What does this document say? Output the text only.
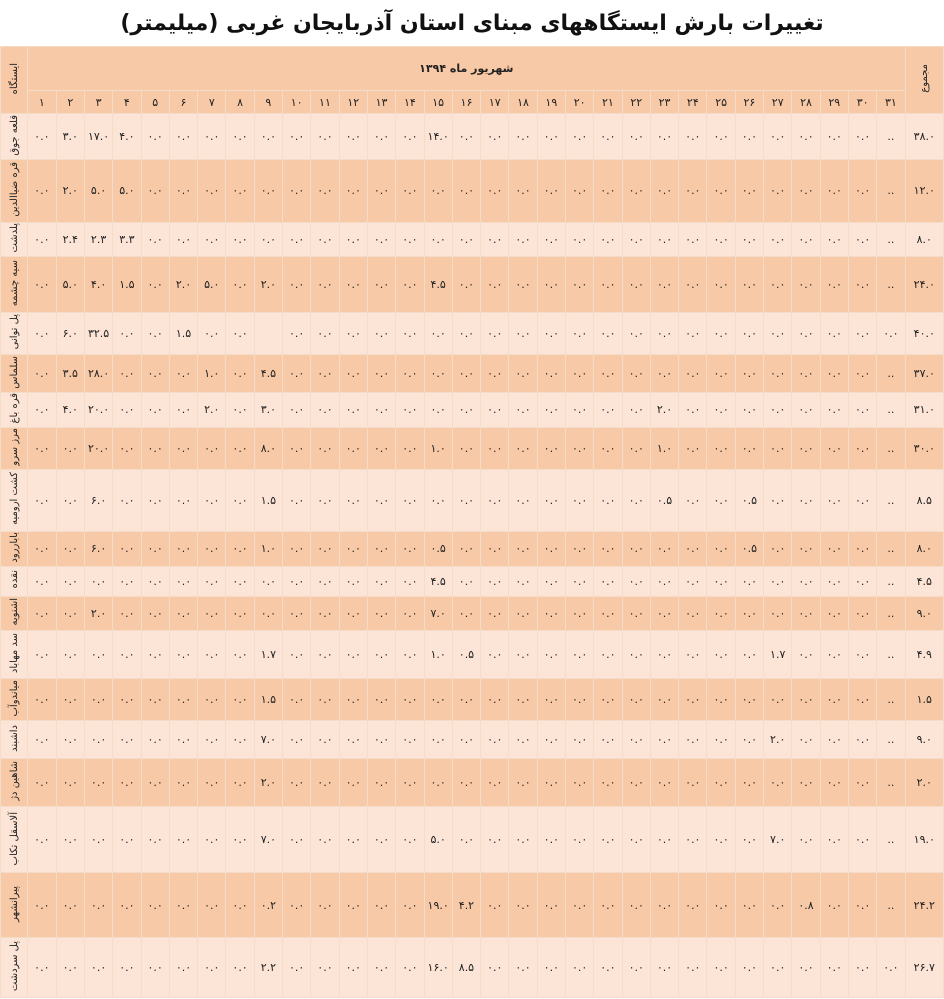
تغییرات بارش ایستگاههای مبنای استان آذربایجان غربی (میلیمتر)
مجموع	شهریور ماه ۱۳۹۴																															ایستگاه
	۳۱	۳۰	۲۹	۲۸	۲۷	۲۶	۲۵	۲۴	۲۳	۲۲	۲۱	۲۰	۱۹	۱۸	۱۷	۱۶	۱۵	۱۴	۱۳	۱۲	۱۱	۱۰	۹	۸	۷	۶	۵	۴	۳	۲	۱	
۳۸.۰	..	۰.۰	۰.۰	۰.۰	۰.۰	۰.۰	۰.۰	۰.۰	۰.۰	۰.۰	۰.۰	۰.۰	۰.۰	۰.۰	۰.۰	۰.۰	۱۴.۰	۰.۰	۰.۰	۰.۰	۰.۰	۰.۰	۰.۰	۰.۰	۰.۰	۰.۰	۰.۰	۴.۰	۱۷.۰	۳.۰	۰.۰	قلعه جوق
۱۲.۰	..	۰.۰	۰.۰	۰.۰	۰.۰	۰.۰	۰.۰	۰.۰	۰.۰	۰.۰	۰.۰	۰.۰	۰.۰	۰.۰	۰.۰	۰.۰	۰.۰	۰.۰	۰.۰	۰.۰	۰.۰	۰.۰	۰.۰	۰.۰	۰.۰	۰.۰	۰.۰	۵.۰	۵.۰	۲.۰	۰.۰	قره ضیاالدین
۸.۰	..	۰.۰	۰.۰	۰.۰	۰.۰	۰.۰	۰.۰	۰.۰	۰.۰	۰.۰	۰.۰	۰.۰	۰.۰	۰.۰	۰.۰	۰.۰	۰.۰	۰.۰	۰.۰	۰.۰	۰.۰	۰.۰	۰.۰	۰.۰	۰.۰	۰.۰	۰.۰	۳.۳	۲.۳	۲.۴	۰.۰	پلدشت
۲۴.۰	..	۰.۰	۰.۰	۰.۰	۰.۰	۰.۰	۰.۰	۰.۰	۰.۰	۰.۰	۰.۰	۰.۰	۰.۰	۰.۰	۰.۰	۰.۰	۴.۵	۰.۰	۰.۰	۰.۰	۰.۰	۰.۰	۲.۰	۰.۰	۵.۰	۲.۰	۰.۰	۱.۵	۴.۰	۵.۰	۰.۰	سیه چشمه
۴۰.۰	۰.۰	۰.۰	۰.۰	۰.۰	۰.۰	۰.۰	۰.۰	۰.۰	۰.۰	۰.۰	۰.۰	۰.۰	۰.۰	۰.۰	۰.۰	۰.۰	۰.۰	۰.۰	۰.۰	۰.۰	۰.۰	۰.۰		۰.۰	۰.۰	۱.۵	۰.۰	۰.۰	۳۲.۵	۶.۰	۰.۰	پل توانی
۳۷.۰	..	۰.۰	۰.۰	۰.۰	۰.۰	۰.۰	۰.۰	۰.۰	۰.۰	۰.۰	۰.۰	۰.۰	۰.۰	۰.۰	۰.۰	۰.۰	۰.۰	۰.۰	۰.۰	۰.۰	۰.۰	۰.۰	۴.۵	۰.۰	۱.۰	۰.۰	۰.۰	۰.۰	۲۸.۰	۳.۵	۰.۰	سلماس
۳۱.۰	..	۰.۰	۰.۰	۰.۰	۰.۰	۰.۰	۰.۰	۰.۰	۲.۰	۰.۰	۰.۰	۰.۰	۰.۰	۰.۰	۰.۰	۰.۰	۰.۰	۰.۰	۰.۰	۰.۰	۰.۰	۰.۰	۳.۰	۰.۰	۲.۰	۰.۰	۰.۰	۰.۰	۲۰.۰	۴.۰	۰.۰	قره باغ
۳۰.۰	..	۰.۰	۰.۰	۰.۰	۰.۰	۰.۰	۰.۰	۰.۰	۱.۰	۰.۰	۰.۰	۰.۰	۰.۰	۰.۰	۰.۰	۰.۰	۱.۰	۰.۰	۰.۰	۰.۰	۰.۰	۰.۰	۸.۰	۰.۰	۰.۰	۰.۰	۰.۰	۰.۰	۲۰.۰	۰.۰	۰.۰	مرز سرو
۸.۵	..	۰.۰	۰.۰	۰.۰	۰.۰	۰.۵	۰.۰	۰.۰	۰.۵	۰.۰	۰.۰	۰.۰	۰.۰	۰.۰	۰.۰	۰.۰	۰.۰	۰.۰	۰.۰	۰.۰	۰.۰	۰.۰	۱.۵	۰.۰	۰.۰	۰.۰	۰.۰	۰.۰	۶.۰	۰.۰	۰.۰	کشت ارومیه
۸.۰	..	۰.۰	۰.۰	۰.۰	۰.۰	۰.۵	۰.۰	۰.۰	۰.۰	۰.۰	۰.۰	۰.۰	۰.۰	۰.۰	۰.۰	۰.۰	۰.۵	۰.۰	۰.۰	۰.۰	۰.۰	۰.۰	۱.۰	۰.۰	۰.۰	۰.۰	۰.۰	۰.۰	۶.۰	۰.۰	۰.۰	باباررود
۴.۵	..	۰.۰	۰.۰	۰.۰	۰.۰	۰.۰	۰.۰	۰.۰	۰.۰	۰.۰	۰.۰	۰.۰	۰.۰	۰.۰	۰.۰	۰.۰	۴.۵	۰.۰	۰.۰	۰.۰	۰.۰	۰.۰	۰.۰	۰.۰	۰.۰	۰.۰	۰.۰	۰.۰	۰.۰	۰.۰	۰.۰	نقده
۹.۰	..	۰.۰	۰.۰	۰.۰	۰.۰	۰.۰	۰.۰	۰.۰	۰.۰	۰.۰	۰.۰	۰.۰	۰.۰	۰.۰	۰.۰	۰.۰	۷.۰	۰.۰	۰.۰	۰.۰	۰.۰	۰.۰	۰.۰	۰.۰	۰.۰	۰.۰	۰.۰	۰.۰	۲.۰	۰.۰	۰.۰	اشنویه
۴.۹	..	۰.۰	۰.۰	۰.۰	۱.۷	۰.۰	۰.۰	۰.۰	۰.۰	۰.۰	۰.۰	۰.۰	۰.۰	۰.۰	۰.۰	۰.۵	۱.۰	۰.۰	۰.۰	۰.۰	۰.۰	۰.۰	۱.۷	۰.۰	۰.۰	۰.۰	۰.۰	۰.۰	۰.۰	۰.۰	۰.۰	سد مهاباد
۱.۵	..	۰.۰	۰.۰	۰.۰	۰.۰	۰.۰	۰.۰	۰.۰	۰.۰	۰.۰	۰.۰	۰.۰	۰.۰	۰.۰	۰.۰	۰.۰	۰.۰	۰.۰	۰.۰	۰.۰	۰.۰	۰.۰	۱.۵	۰.۰	۰.۰	۰.۰	۰.۰	۰.۰	۰.۰	۰.۰	۰.۰	میاندوآب
۹.۰	..	۰.۰	۰.۰	۰.۰	۲.۰	۰.۰	۰.۰	۰.۰	۰.۰	۰.۰	۰.۰	۰.۰	۰.۰	۰.۰	۰.۰	۰.۰	۰.۰	۰.۰	۰.۰	۰.۰	۰.۰	۰.۰	۷.۰	۰.۰	۰.۰	۰.۰	۰.۰	۰.۰	۰.۰	۰.۰	۰.۰	داشبند
۲.۰	..	۰.۰	۰.۰	۰.۰	۰.۰	۰.۰	۰.۰	۰.۰	۰.۰	۰.۰	۰.۰	۰.۰	۰.۰	۰.۰	۰.۰	۰.۰	۰.۰	۰.۰	۰.۰	۰.۰	۰.۰	۰.۰	۲.۰	۰.۰	۰.۰	۰.۰	۰.۰	۰.۰	۰.۰	۰.۰	۰.۰	شاهین دژ
۱۹.۰	..	۰.۰	۰.۰	۰.۰	۷.۰	۰.۰	۰.۰	۰.۰	۰.۰	۰.۰	۰.۰	۰.۰	۰.۰	۰.۰	۰.۰	۰.۰	۵.۰	۰.۰	۰.۰	۰.۰	۰.۰	۰.۰	۷.۰	۰.۰	۰.۰	۰.۰	۰.۰	۰.۰	۰.۰	۰.۰	۰.۰	آلاسقل تکاب
۲۴.۲	..	۰.۰	۰.۰	۰.۸	۰.۰	۰.۰	۰.۰	۰.۰	۰.۰	۰.۰	۰.۰	۰.۰	۰.۰	۰.۰	۰.۰	۴.۲	۱۹.۰	۰.۰	۰.۰	۰.۰	۰.۰	۰.۰	۰.۲	۰.۰	۰.۰	۰.۰	۰.۰	۰.۰	۰.۰	۰.۰	۰.۰	پیرانشهر
۲۶.۷	۰.۰	۰.۰	۰.۰	۰.۰	۰.۰	۰.۰	۰.۰	۰.۰	۰.۰	۰.۰	۰.۰	۰.۰	۰.۰	۰.۰	۰.۰	۸.۵	۱۶.۰	۰.۰	۰.۰	۰.۰	۰.۰	۰.۰	۲.۲	۰.۰	۰.۰	۰.۰	۰.۰	۰.۰	۰.۰	۰.۰	۰.۰	پل سردشت
